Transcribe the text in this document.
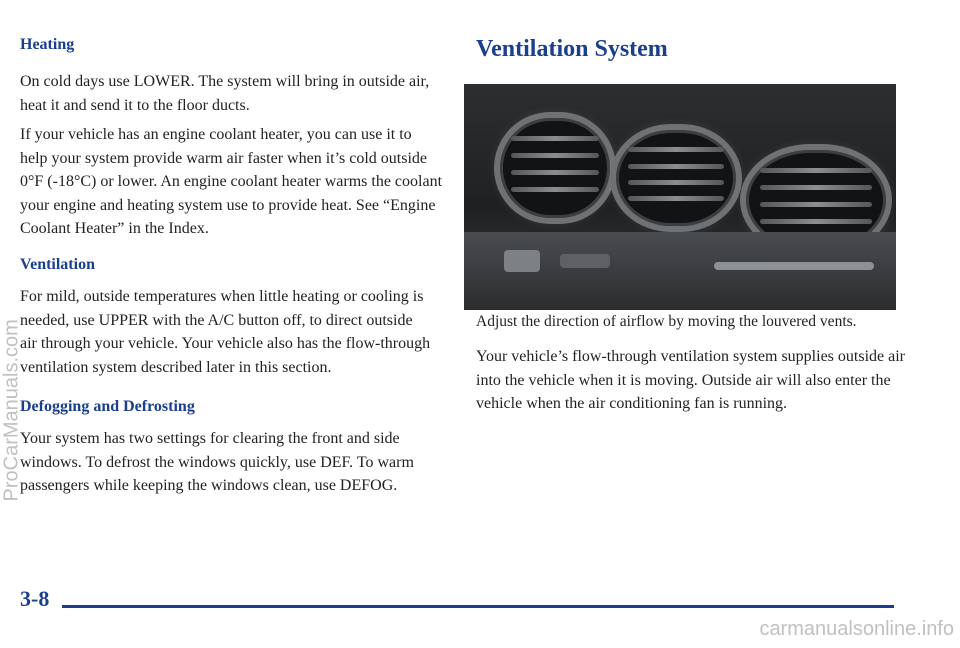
Heating

On cold days use LOWER. The system will bring in outside air, heat it and send it to the floor ducts.

If your vehicle has an engine coolant heater, you can use it to help your system provide warm air faster when it’s cold outside 0°F (-18°C) or lower. An engine coolant heater warms the coolant your engine and heating system use to provide heat. See “Engine Coolant Heater” in the Index.

Ventilation

For mild, outside temperatures when little heating or cooling is needed, use UPPER with the A/C button off, to direct outside air through your vehicle. Your vehicle also has the flow-through ventilation system described later in this section.

Defogging and Defrosting

Your system has two settings for clearing the front and side windows. To defrost the windows quickly, use DEF. To warm passengers while keeping the windows clean, use DEFOG.

Ventilation System

Adjust the direction of airflow by moving the louvered vents.

Your vehicle’s flow-through ventilation system supplies outside air into the vehicle when it is moving. Outside air will also enter the vehicle when the air conditioning fan is running.

3-8
ProCarManuals.com
carmanualsonline.info
